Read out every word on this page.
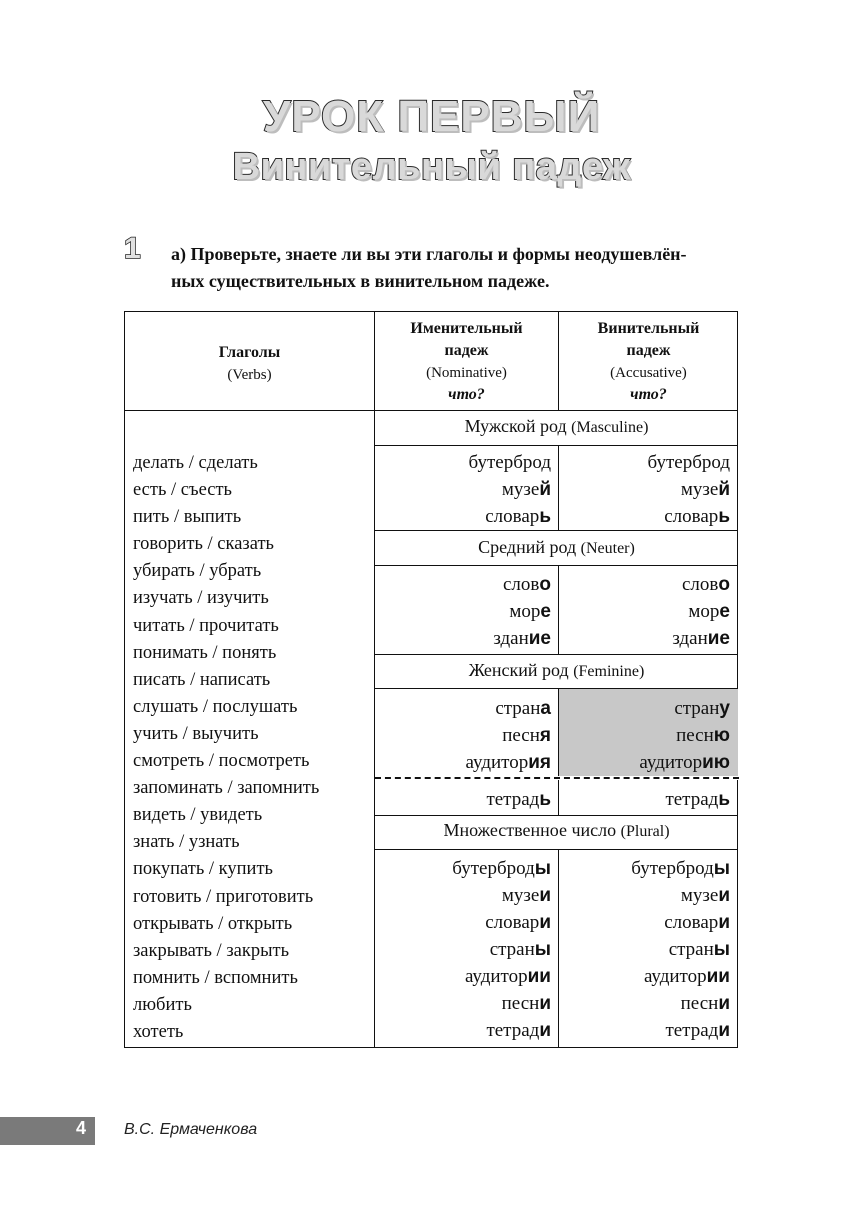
УРОК ПЕРВЫЙ
Винительный падеж
1 а) Проверьте, знаете ли вы эти глаголы и формы неодушевлён-
ных существительных в винительном падеже.
Глаголы
(Verbs)
Именительный
падеж
(Nominative)
что?
Винительный
падеж
(Accusative)
что?
Мужской род (Masculine)
Средний род (Neuter)
Женский род (Feminine)
Множественное число (Plural)
делать / сделать
есть / съесть
пить / выпить
говорить / сказать
убирать / убрать
изучать / изучить
читать / прочитать
понимать / понять
писать / написать
слушать / послушать
учить / выучить
смотреть / посмотреть
запоминать / запомнить
видеть / увидеть
знать / узнать
покупать / купить
готовить / приготовить
открывать / открыть
закрывать / закрыть
помнить / вспомнить
любить
хотеть
бутерброд
музей
словарь
бутерброд
музей
словарь
слово
море
здание
слово
море
здание
страна
песня
аудитория
страну
песню
аудиторию
тетрадь	тетрадь
бутерброды
музеи
словари
страны
аудитории
песни
тетради
бутерброды
музеи
словари
страны
аудитории
песни
тетради
4 В.С. Ермаченкова
